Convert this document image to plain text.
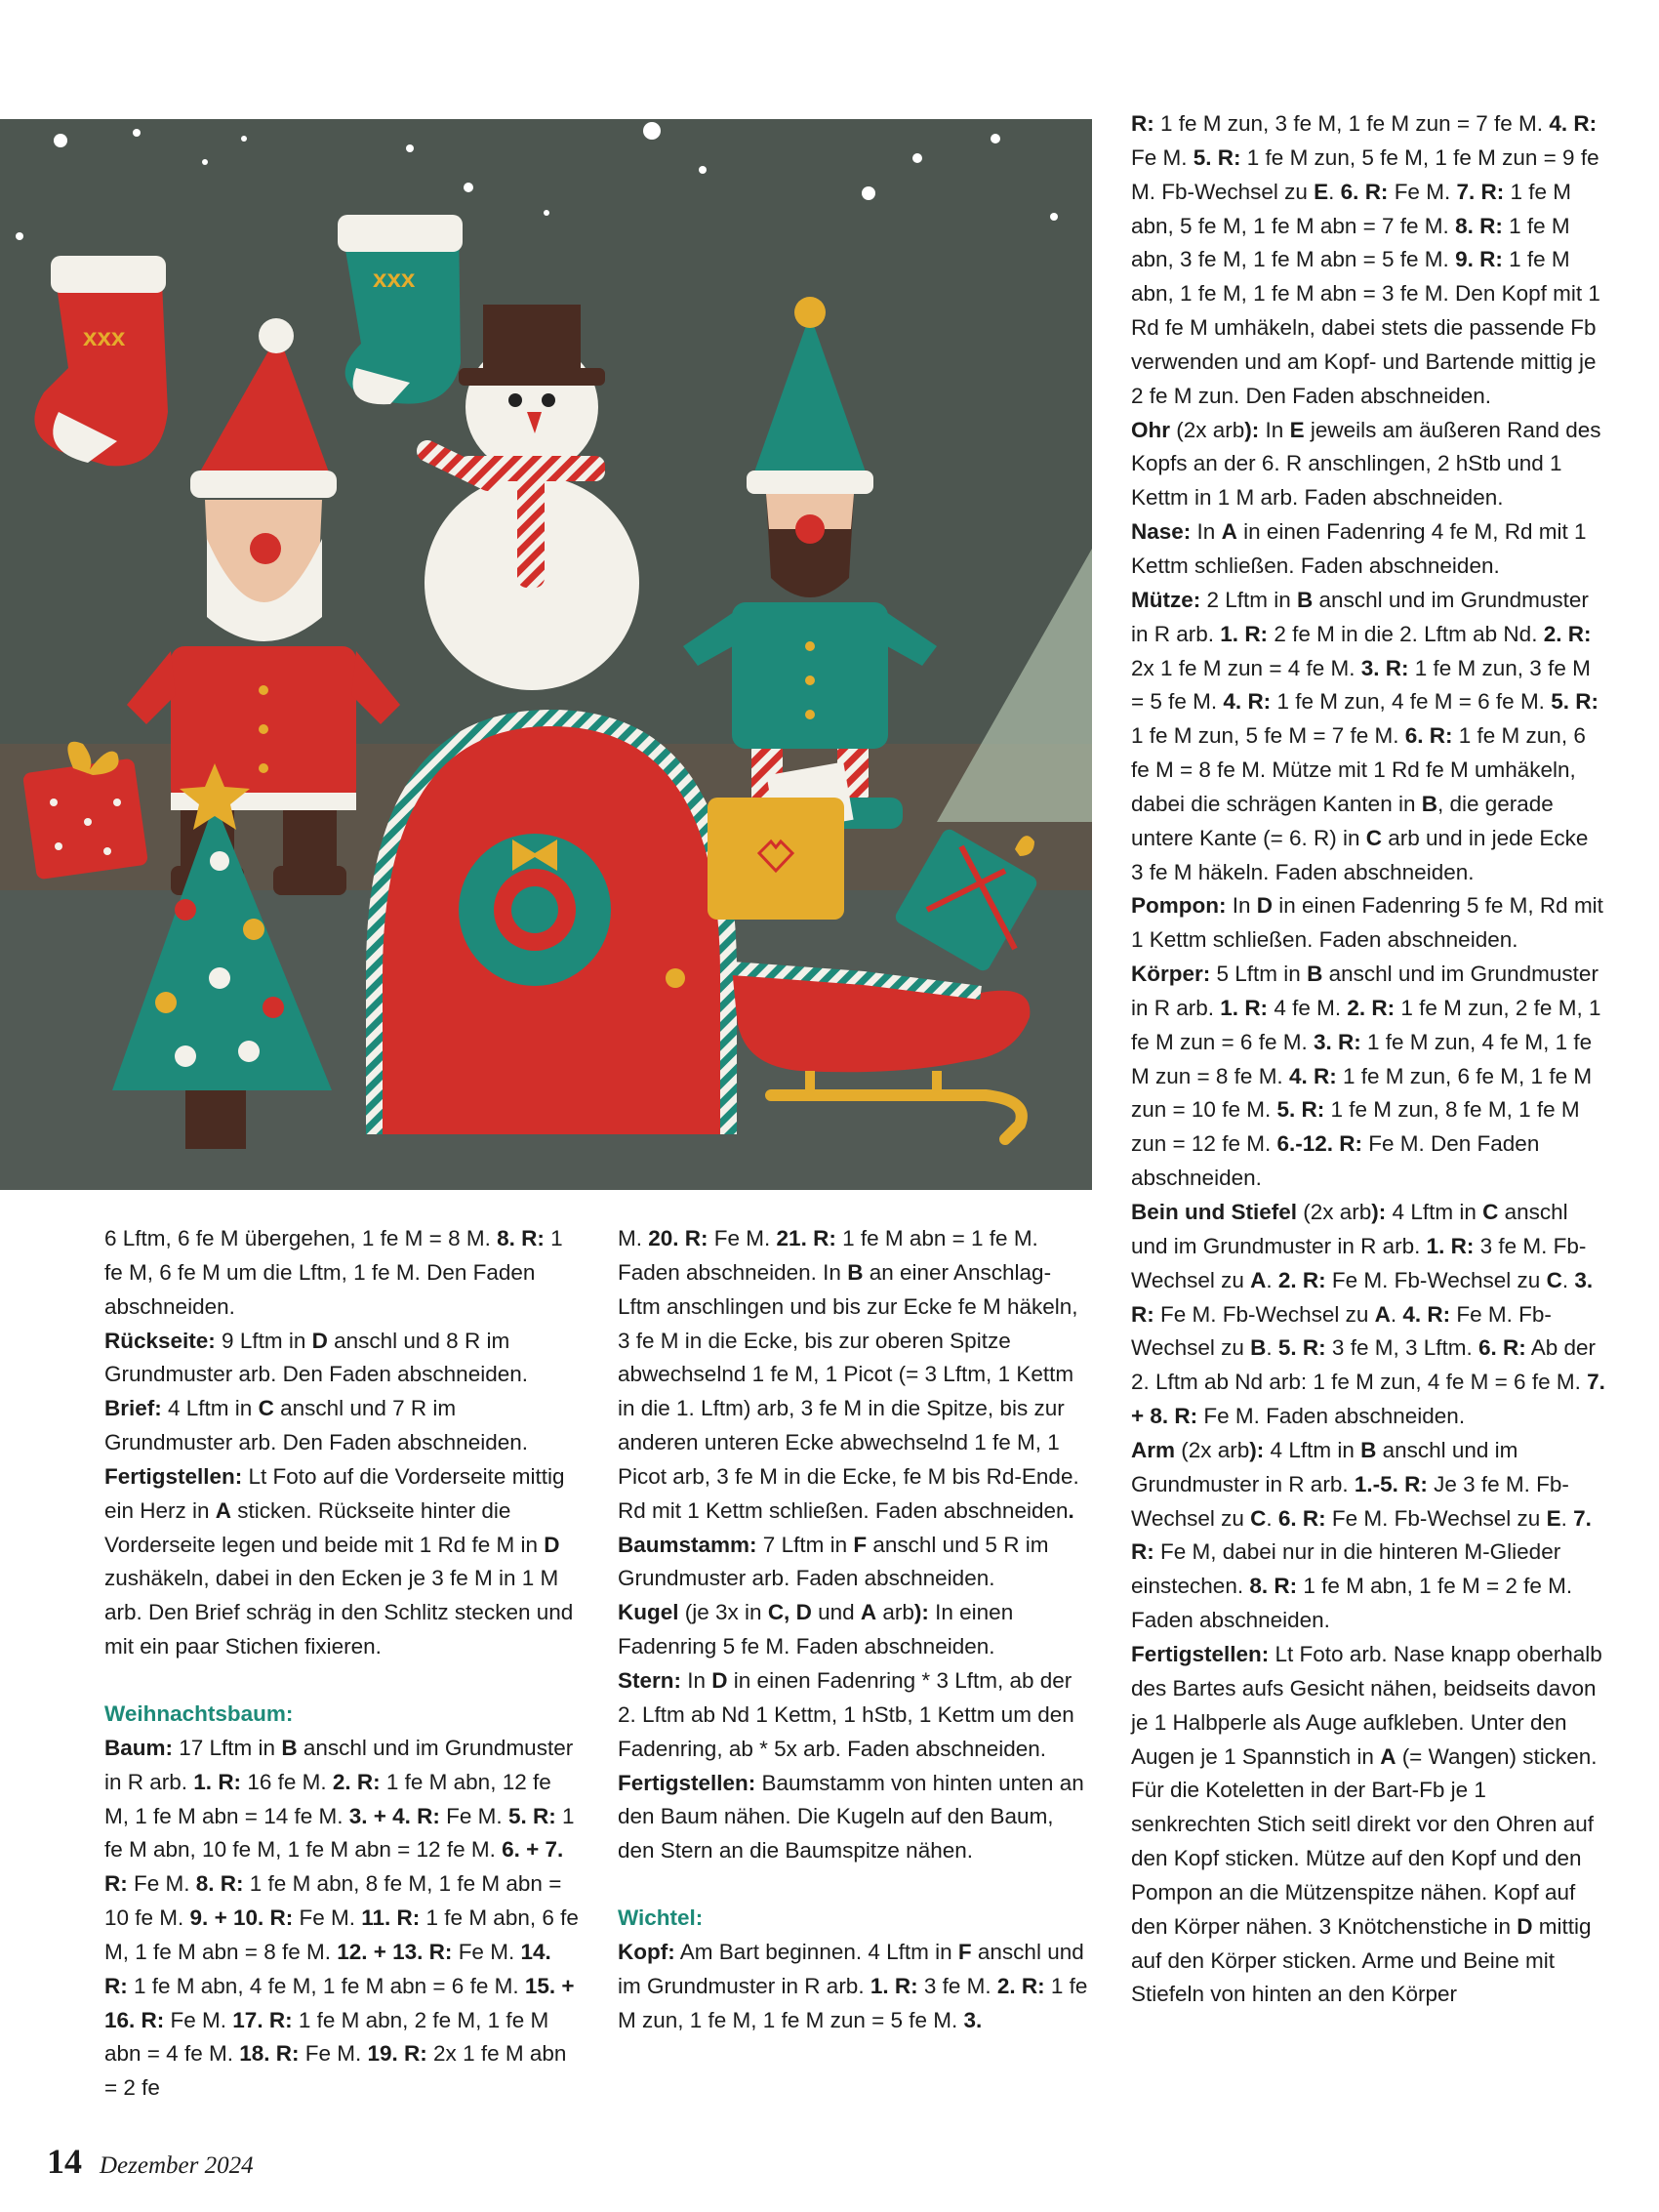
xxx
xxx

6 Lftm, 6 fe M übergehen, 1 fe M = 8 M. 8. R: 1 fe M, 6 fe M um die Lftm, 1 fe M. Den Faden abschneiden.

Rückseite: 9 Lftm in D anschl und 8 R im Grundmuster arb. Den Faden abschneiden.

Brief: 4 Lftm in C anschl und 7 R im Grundmuster arb. Den Faden abschneiden.

Fertigstellen: Lt Foto auf die Vorderseite mittig ein Herz in A sticken. Rückseite hinter die Vorderseite legen und beide mit 1 Rd fe M in D zushäkeln, dabei in den Ecken je 3 fe M in 1 M arb. Den Brief schräg in den Schlitz stecken und mit ein paar Stichen fixieren.

Weihnachtsbaum:

Baum: 17 Lftm in B anschl und im Grundmuster in R arb. 1. R: 16 fe M. 2. R: 1 fe M abn, 12 fe M, 1 fe M abn = 14 fe M. 3. + 4. R: Fe M. 5. R: 1 fe M abn, 10 fe M, 1 fe M abn = 12 fe M. 6. + 7. R: Fe M. 8. R: 1 fe M abn, 8 fe M, 1 fe M abn = 10 fe M. 9. + 10. R: Fe M. 11. R: 1 fe M abn, 6 fe M, 1 fe M abn = 8 fe M. 12. + 13. R: Fe M. 14. R: 1 fe M abn, 4 fe M, 1 fe M abn = 6 fe M. 15. + 16. R: Fe M. 17. R: 1 fe M abn, 2 fe M, 1 fe M abn = 4 fe M. 18. R: Fe M. 19. R: 2x 1 fe M abn = 2 fe

M. 20. R: Fe M. 21. R: 1 fe M abn = 1 fe M. Faden abschneiden. In B an einer Anschlag-Lftm anschlingen und bis zur Ecke fe M häkeln, 3 fe M in die Ecke, bis zur oberen Spitze abwechselnd 1 fe M, 1 Picot (= 3 Lftm, 1 Kettm in die 1. Lftm) arb, 3 fe M in die Spitze, bis zur anderen unteren Ecke abwechselnd 1 fe M, 1 Picot arb, 3 fe M in die Ecke, fe M bis Rd-Ende. Rd mit 1 Kettm schließen. Faden abschneiden.

Baumstamm: 7 Lftm in F anschl und 5 R im Grundmuster arb. Faden abschneiden.

Kugel (je 3x in C, D und A arb): In einen Fadenring 5 fe M. Faden abschneiden.

Stern: In D in einen Fadenring * 3 Lftm, ab der 2. Lftm ab Nd 1 Kettm, 1 hStb, 1 Kettm um den Fadenring, ab * 5x arb. Faden abschneiden.

Fertigstellen: Baumstamm von hinten unten an den Baum nähen. Die Kugeln auf den Baum, den Stern an die Baumspitze nähen.

Wichtel:

Kopf: Am Bart beginnen. 4 Lftm in F anschl und im Grundmuster in R arb. 1. R: 3 fe M. 2. R: 1 fe M zun, 1 fe M, 1 fe M zun = 5 fe M. 3.

R: 1 fe M zun, 3 fe M, 1 fe M zun = 7 fe M. 4. R: Fe M. 5. R: 1 fe M zun, 5 fe M, 1 fe M zun = 9 fe M. Fb-Wechsel zu E. 6. R: Fe M. 7. R: 1 fe M abn, 5 fe M, 1 fe M abn = 7 fe M. 8. R: 1 fe M abn, 3 fe M, 1 fe M abn = 5 fe M. 9. R: 1 fe M abn, 1 fe M, 1 fe M abn = 3 fe M. Den Kopf mit 1 Rd fe M umhäkeln, dabei stets die passende Fb verwenden und am Kopf- und Bartende mittig je 2 fe M zun. Den Faden abschneiden.

Ohr (2x arb): In E jeweils am äußeren Rand des Kopfs an der 6. R anschlingen, 2 hStb und 1 Kettm in 1 M arb. Faden abschneiden.

Nase: In A in einen Fadenring 4 fe M, Rd mit 1 Kettm schließen. Faden abschneiden.

Mütze: 2 Lftm in B anschl und im Grundmuster in R arb. 1. R: 2 fe M in die 2. Lftm ab Nd. 2. R: 2x 1 fe M zun = 4 fe M. 3. R: 1 fe M zun, 3 fe M = 5 fe M. 4. R: 1 fe M zun, 4 fe M = 6 fe M. 5. R: 1 fe M zun, 5 fe M = 7 fe M. 6. R: 1 fe M zun, 6 fe M = 8 fe M. Mütze mit 1 Rd fe M umhäkeln, dabei die schrägen Kanten in B, die gerade untere Kante (= 6. R) in C arb und in jede Ecke 3 fe M häkeln. Faden abschneiden.

Pompon: In D in einen Fadenring 5 fe M, Rd mit 1 Kettm schließen. Faden abschneiden.

Körper: 5 Lftm in B anschl und im Grundmuster in R arb. 1. R: 4 fe M. 2. R: 1 fe M zun, 2 fe M, 1 fe M zun = 6 fe M. 3. R: 1 fe M zun, 4 fe M, 1 fe M zun = 8 fe M. 4. R: 1 fe M zun, 6 fe M, 1 fe M zun = 10 fe M. 5. R: 1 fe M zun, 8 fe M, 1 fe M zun = 12 fe M. 6.-12. R: Fe M. Den Faden abschneiden.

Bein und Stiefel (2x arb): 4 Lftm in C anschl und im Grundmuster in R arb. 1. R: 3 fe M. Fb-Wechsel zu A. 2. R: Fe M. Fb-Wechsel zu C. 3. R: Fe M. Fb-Wechsel zu A. 4. R: Fe M. Fb-Wechsel zu B. 5. R: 3 fe M, 3 Lftm. 6. R: Ab der 2. Lftm ab Nd arb: 1 fe M zun, 4 fe M = 6 fe M. 7. + 8. R: Fe M. Faden abschneiden.

Arm (2x arb): 4 Lftm in B anschl und im Grundmuster in R arb. 1.-5. R: Je 3 fe M. Fb-Wechsel zu C. 6. R: Fe M. Fb-Wechsel zu E. 7. R: Fe M, dabei nur in die hinteren M-Glieder einstechen. 8. R: 1 fe M abn, 1 fe M = 2 fe M. Faden abschneiden.

Fertigstellen: Lt Foto arb. Nase knapp oberhalb des Bartes aufs Gesicht nähen, beidseits davon je 1 Halbperle als Auge aufkleben. Unter den Augen je 1 Spannstich in A (= Wangen) sticken. Für die Koteletten in der Bart-Fb je 1 senkrechten Stich seitl direkt vor den Ohren auf den Kopf sticken. Mütze auf den Kopf und den Pompon an die Mützenspitze nähen. Kopf auf den Körper nähen. 3 Knötchenstiche in D mittig auf den Körper sticken. Arme und Beine mit Stiefeln von hinten an den Körper

14 Dezember 2024
